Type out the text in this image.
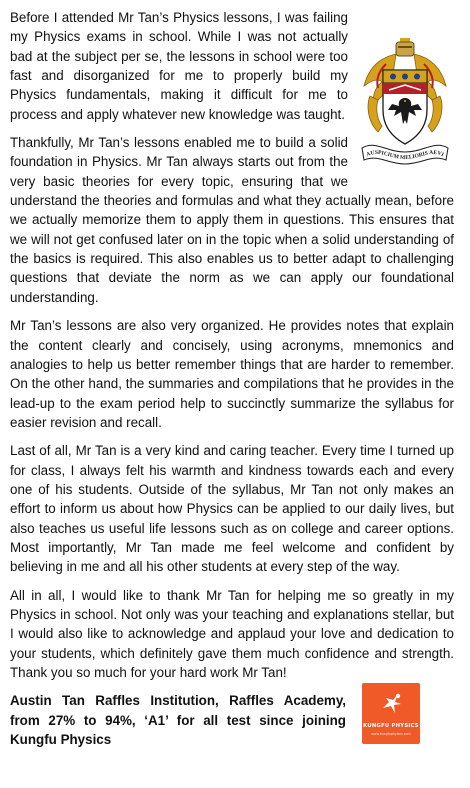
AUSPICIUM MELIORIS AEVI
Before I attended Mr Tan’s Physics lessons, I was failing my Physics exams in school. While I was not actually bad at the subject per se, the lessons in school were too fast and disorganized for me to properly build my Physics fundamentals, making it difficult for me to process and apply whatever new knowledge was taught.

Thankfully, Mr Tan’s lessons enabled me to build a solid foundation in Physics. Mr Tan always starts out from the very basic theories for every topic, ensuring that we understand the theories and formulas and what they actually mean, before we actually memorize them to apply them in questions. This ensures that we will not get confused later on in the topic when a solid understanding of the basics is required. This also enables us to better adapt to challenging questions that deviate the norm as we can apply our foundational understanding.

Mr Tan’s lessons are also very organized. He provides notes that explain the content clearly and concisely, using acronyms, mnemonics and analogies to help us better remember things that are harder to remember. On the other hand, the summaries and compilations that he provides in the lead-up to the exam period help to succinctly summarize the syllabus for easier revision and recall.

Last of all, Mr Tan is a very kind and caring teacher. Every time I turned up for class, I always felt his warmth and kindness towards each and every one of his students. Outside of the syllabus, Mr Tan not only makes an effort to inform us about how Physics can be applied to our daily lives, but also teaches us useful life lessons such as on college and career options. Most importantly, Mr Tan made me feel welcome and confident by believing in me and all his other students at every step of the way.

All in all, I would like to thank Mr Tan for helping me so greatly in my Physics in school. Not only was your teaching and explanations stellar, but I would also like to acknowledge and applaud your love and dedication to your students, which definitely gave them much confidence and strength. Thank you so much for your hard work Mr Tan!

Austin Tan Raffles Institution, Raffles Academy, from 27% to 94%, ‘A1’ for all test since joining Kungfu Physics

KUNGFU PHYSICS
www.kungfuphysics.com
